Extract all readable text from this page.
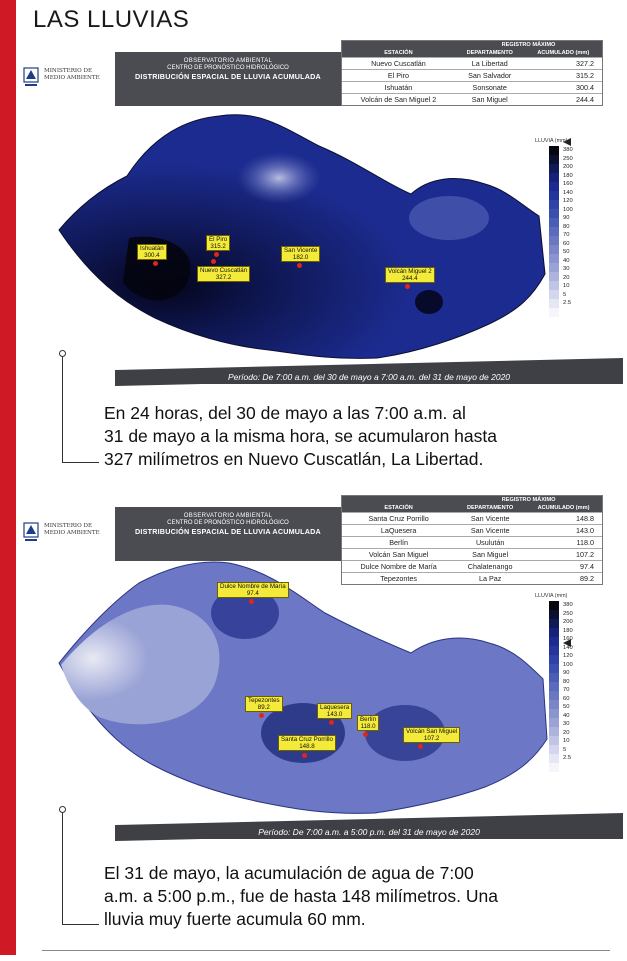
LAS LLUVIAS
MINISTERIO DE MEDIO AMBIENTE
OBSERVATORIO AMBIENTAL
CENTRO DE PRONÓSTICO HIDROLÓGICO
DISTRIBUCIÓN ESPACIAL DE LLUVIA ACUMULADA
	REGISTRO MÁXIMO	
ESTACIÓN	DEPARTAMENTO	ACUMULADO (mm)
Nuevo Cuscatlán	La Libertad	327.2
El Piro	San Salvador	315.2
Ishuatán	Sonsonate	300.4
Volcán de San Miguel 2	San Miguel	244.4
LLUVIA (mm)
380
250
200
180
160
140
120
100
90
80
70
60
50
40
30
20
10
5
2.5
Ishuatán
300.4
El Piro
315.2
Nuevo Cuscatlán
327.2
San Vicente
182.0
Volcán Miguel 2
244.4
Período: De 7:00 a.m. del 30 de mayo a 7:00 a.m. del 31 de mayo de 2020
En 24 horas, del 30 de mayo a las 7:00 a.m. al
31 de mayo a la misma hora, se acumularon hasta
327 milímetros en Nuevo Cuscatlán, La Libertad.
MINISTERIO DE MEDIO AMBIENTE
OBSERVATORIO AMBIENTAL
CENTRO DE PRONÓSTICO HIDROLÓGICO
DISTRIBUCIÓN ESPACIAL DE LLUVIA ACUMULADA
	REGISTRO MÁXIMO	
ESTACIÓN	DEPARTAMENTO	ACUMULADO (mm)
Santa Cruz Porrillo	San Vicente	148.8
LaQuesera	San Vicente	143.0
Berlín	Usulután	118.0
Volcán San Miguel	San Miguel	107.2
Dulce Nombre de María	Chalatenango	97.4
Tepezontes	La Paz	89.2
LLUVIA (mm)
380
250
200
180
160
140
120
100
90
80
70
60
50
40
30
20
10
5
2.5
Dulce Nombre de María
97.4
Tepezontes
89.2	Laquesera
143.0
Berlín
118.0
Santa Cruz Porrillo
148.8
Volcán San Miguel
107.2
Período: De 7:00 a.m. a 5:00 p.m. del 31 de mayo de 2020
El 31 de mayo, la acumulación de agua de 7:00
a.m. a 5:00 p.m., fue de hasta 148 milímetros. Una
lluvia muy fuerte acumula 60 mm.
